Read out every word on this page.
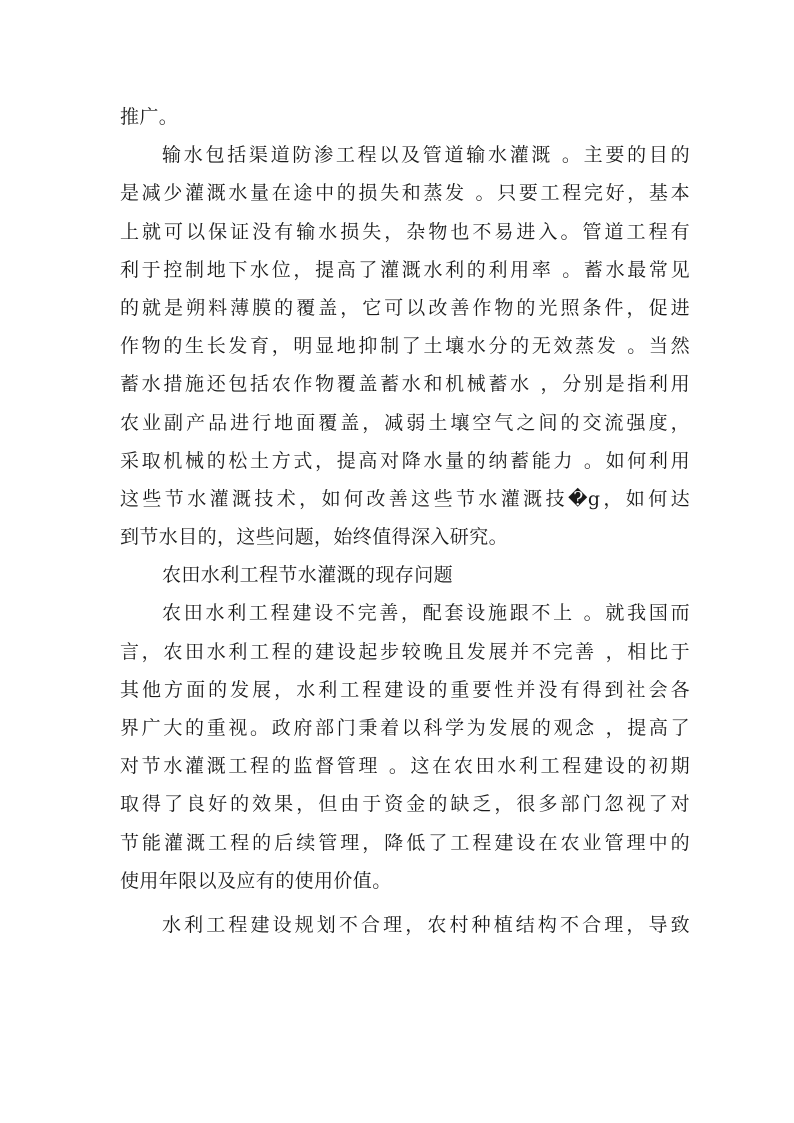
推广。
输水包括渠道防渗工程以及管道输水灌溉 。主要的目的
是减少灌溉水量在途中的损失和蒸发 。只要工程完好，基本
上就可以保证没有输水损失，杂物也不易进入。管道工程有
利于控制地下水位，提高了灌溉水利的利用率 。蓄水最常见
的就是朔料薄膜的覆盖，它可以改善作物的光照条件，促进
作物的生长发育，明显地抑制了土壤水分的无效蒸发 。当然
蓄水措施还包括农作物覆盖蓄水和机械蓄水 ，分别是指利用
农业副产品进行地面覆盖，减弱土壤空气之间的交流强度，
采取机械的松土方式，提高对降水量的纳蓄能力 。如何利用
这些节水灌溉技术，如何改善这些节水灌溉技�g，如何达
到节水目的，这些问题，始终值得深入研究。
农田水利工程节水灌溉的现存问题
农田水利工程建设不完善，配套设施跟不上 。就我国而
言，农田水利工程的建设起步较晚且发展并不完善 ，相比于
其他方面的发展，水利工程建设的重要性并没有得到社会各
界广大的重视。政府部门秉着以科学为发展的观念 ，提高了
对节水灌溉工程的监督管理 。这在农田水利工程建设的初期
取得了良好的效果，但由于资金的缺乏，很多部门忽视了对
节能灌溉工程的后续管理，降低了工程建设在农业管理中的
使用年限以及应有的使用价值。
水利工程建设规划不合理，农村种植结构不合理，导致
